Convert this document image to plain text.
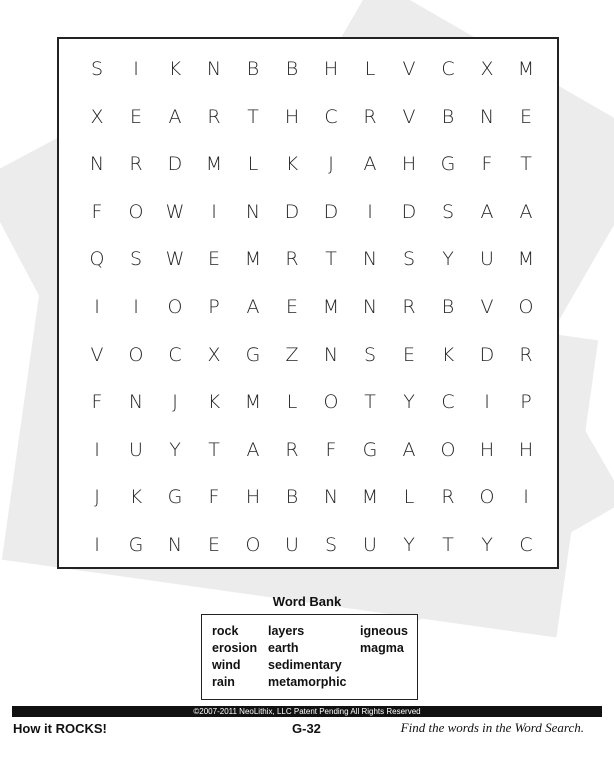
S	I	K	N	B	B	H	L	V	C	X	M
X	E	A	R	T	H	C	R	V	B	N	E
N	R	D	M	L	K	J	A	H	G	F	T
F	O	W	I	N	D	D	I	D	S	A	A
Q	S	W	E	M	R	T	N	S	Y	U	M
I	I	O	P	A	E	M	N	R	B	V	O
V	O	C	X	G	Z	N	S	E	K	D	R
F	N	J	K	M	L	O	T	Y	C	I	P
I	U	Y	T	A	R	F	G	A	O	H	H
J	K	G	F	H	B	N	M	L	R	O	I
I	G	N	E	O	U	S	U	Y	T	Y	C
Word Bank
rock
erosion
wind
rain
layers
earth
sedimentary
metamorphic
igneous
magma
©2007-2011 NeoLithix, LLC Patent Pending All Rights Reserved
How it ROCKS!	G-32	Find the words in the Word Search.
